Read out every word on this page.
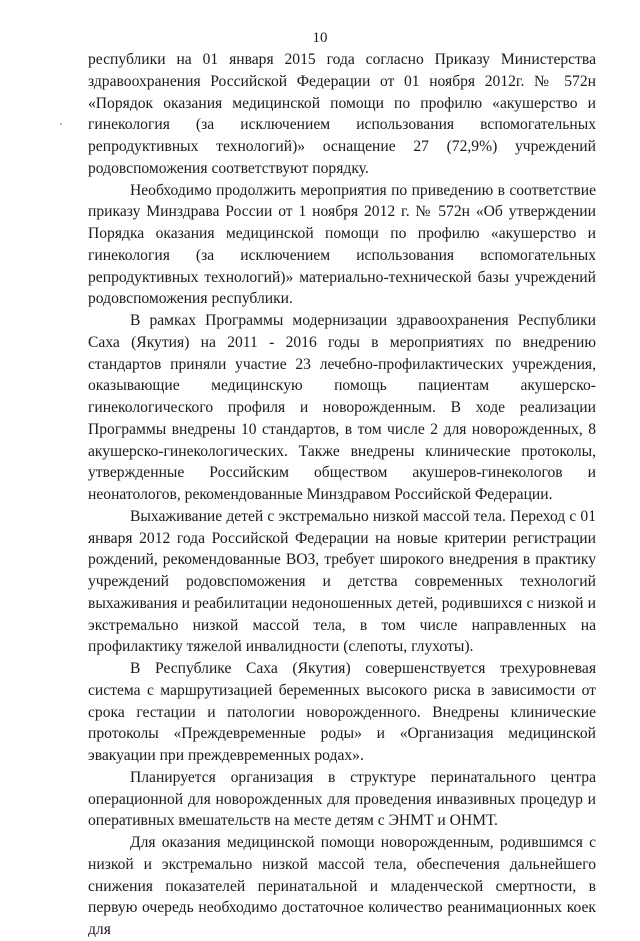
10

республики на 01 января 2015 года согласно Приказу Министерства здравоохранения Российской Федерации от 01 ноября 2012г. № 572н «Порядок оказания медицинской помощи по профилю «акушерство и гинекология (за исключением использования вспомогательных репродуктивных технологий)» оснащение 27 (72,9%) учреждений родовспоможения соответствуют порядку.

Необходимо продолжить мероприятия по приведению в соответствие приказу Минздрава России от 1 ноября 2012 г. № 572н «Об утверждении Порядка оказания медицинской помощи по профилю «акушерство и гинекология (за исключением использования вспомогательных репродуктивных технологий)» материально-технической базы учреждений родовспоможения республики.

В рамках Программы модернизации здравоохранения Республики Саха (Якутия) на 2011 - 2016 годы в мероприятиях по внедрению стандартов приняли участие 23 лечебно-профилактических учреждения, оказывающие медицинскую помощь пациентам акушерско-гинекологического профиля и новорожденным. В ходе реализации Программы внедрены 10 стандартов, в том числе 2 для новорожденных, 8 акушерско-гинекологических. Также внедрены клинические протоколы, утвержденные Российским обществом акушеров-гинекологов и неонатологов, рекомендованные Минздравом Российской Федерации.

Выхаживание детей с экстремально низкой массой тела. Переход с 01 января 2012 года Российской Федерации на новые критерии регистрации рождений, рекомендованные ВОЗ, требует широкого внедрения в практику учреждений родовспоможения и детства современных технологий выхаживания и реабилитации недоношенных детей, родившихся с низкой и экстремально низкой массой тела, в том числе направленных на профилактику тяжелой инвалидности (слепоты, глухоты).

В Республике Саха (Якутия) совершенствуется трехуровневая система с маршрутизацией беременных высокого риска в зависимости от срока гестации и патологии новорожденного. Внедрены клинические протоколы «Преждевременные роды» и «Организация медицинской эвакуации при преждевременных родах».

Планируется организация в структуре перинатального центра операционной для новорожденных для проведения инвазивных процедур и оперативных вмешательств на месте детям с ЭНМТ и ОНМТ.

Для оказания медицинской помощи новорожденным, родившимся с низкой и экстремально низкой массой тела, обеспечения дальнейшего снижения показателей перинатальной и младенческой смертности, в первую очередь необходимо достаточное количество реанимационных коек для
